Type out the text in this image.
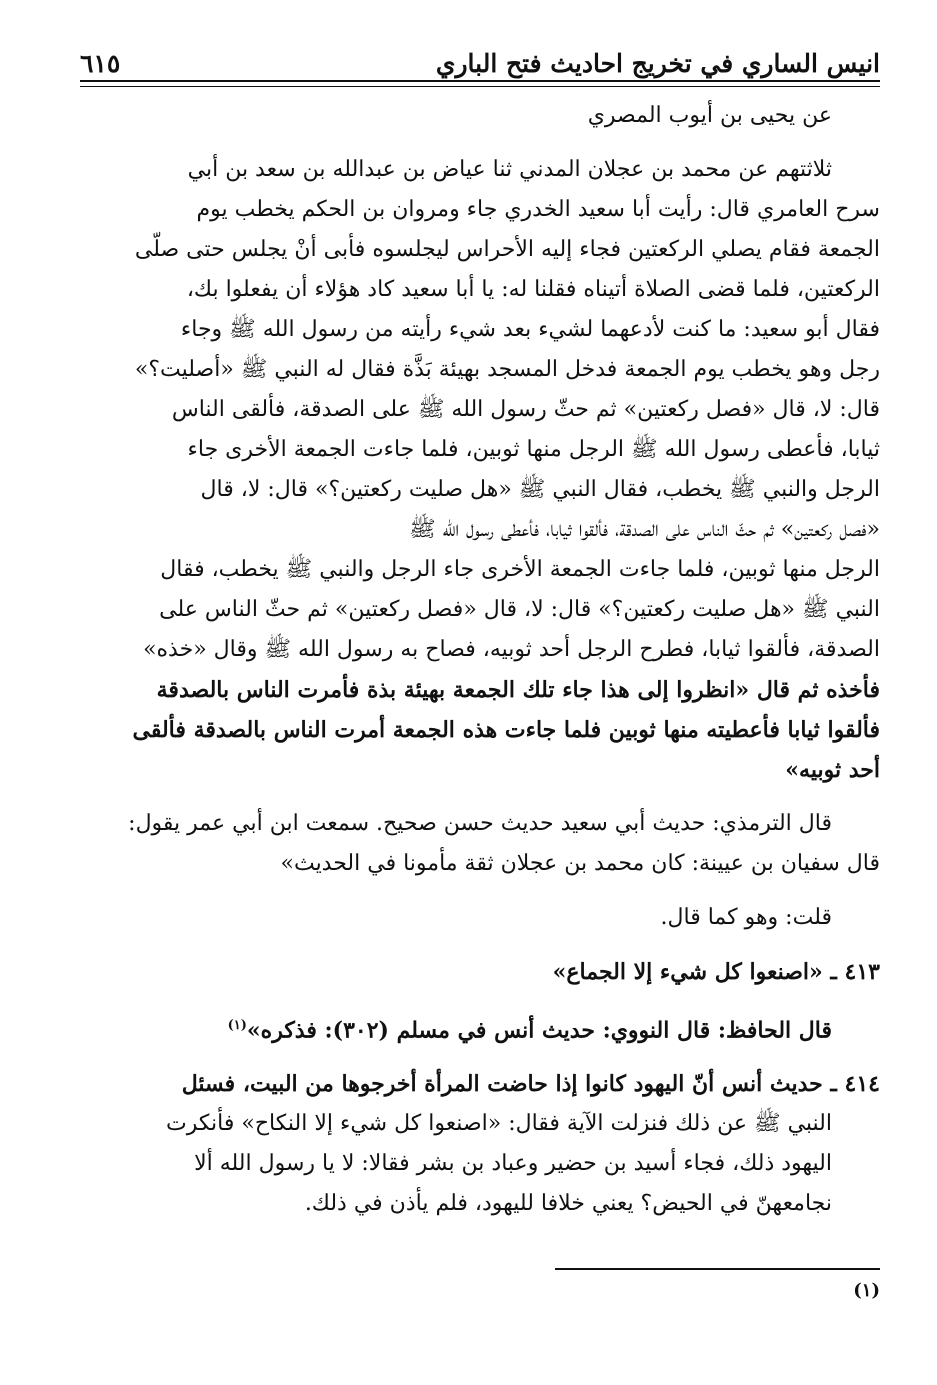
٦١٥	انيس الساري في تخريج احاديث فتح الباري
عن يحيى بن أيوب المصري
ثلاثتهم عن محمد بن عجلان المدني ثنا عياض بن عبدالله بن سعد بن أبي
سرح العامري قال: رأيت أبا سعيد الخدري جاء ومروان بن الحكم يخطب يوم
الجمعة فقام يصلي الركعتين فجاء إليه الأحراس ليجلسوه فأبى أنْ يجلس حتى صلّى
الركعتين، فلما قضى الصلاة أتيناه فقلنا له: يا أبا سعيد كاد هؤلاء أن يفعلوا بك،
فقال أبو سعيد: ما كنت لأدعهما لشيء بعد شيء رأيته من رسول الله ﷺ وجاء
رجل وهو يخطب يوم الجمعة فدخل المسجد بهيئة بَذَّة فقال له النبي ﷺ «أصليت؟»
قال: لا، قال «فصل ركعتين» ثم حثّ رسول الله ﷺ على الصدقة، فألقى الناس
ثيابا، فأعطى رسول الله ﷺ الرجل منها ثوبين، فلما جاءت الجمعة الأخرى جاء
الرجل والنبي ﷺ يخطب، فقال النبي ﷺ «هل صليت ركعتين؟» قال: لا، قال
«فصل ركعتين» ثم حثّ الناس على الصدقة، فألقوا ثيابا، فأعطى رسول الله ﷺ
الرجل منها ثوبين، فلما جاءت الجمعة الأخرى جاء الرجل والنبي ﷺ يخطب، فقال
النبي ﷺ «هل صليت ركعتين؟» قال: لا، قال «فصل ركعتين» ثم حثّ الناس على
الصدقة، فألقوا ثيابا، فطرح الرجل أحد ثوبيه، فصاح به رسول الله ﷺ وقال «خذه»
فأخذه ثم قال «انظروا إلى هذا جاء تلك الجمعة بهيئة بذة فأمرت الناس بالصدقة
فألقوا ثيابا فأعطيته منها ثوبين فلما جاءت هذه الجمعة أمرت الناس بالصدقة فألقى
أحد ثوبيه»
قال الترمذي: حديث أبي سعيد حديث حسن صحيح. سمعت ابن أبي عمر يقول:
قال سفيان بن عيينة: كان محمد بن عجلان ثقة مأمونا في الحديث»
قلت: وهو كما قال.
٤١٣ ـ «اصنعوا كل شيء إلا الجماع»
قال الحافظ: قال النووي: حديث أنس في مسلم (٣٠٢): فذكره»$^{(١)}$
٤١٤ ـ حديث أنس أنّ اليهود كانوا إذا حاضت المرأة أخرجوها من البيت، فسئل
النبي ﷺ عن ذلك فنزلت الآية فقال: «اصنعوا كل شيء إلا النكاح» فأنكرت
اليهود ذلك، فجاء أسيد بن حضير وعباد بن بشر فقالا: لا يا رسول الله ألا
نجامعهنّ في الحيض؟ يعني خلافا لليهود، فلم يأذن في ذلك.
(١)
